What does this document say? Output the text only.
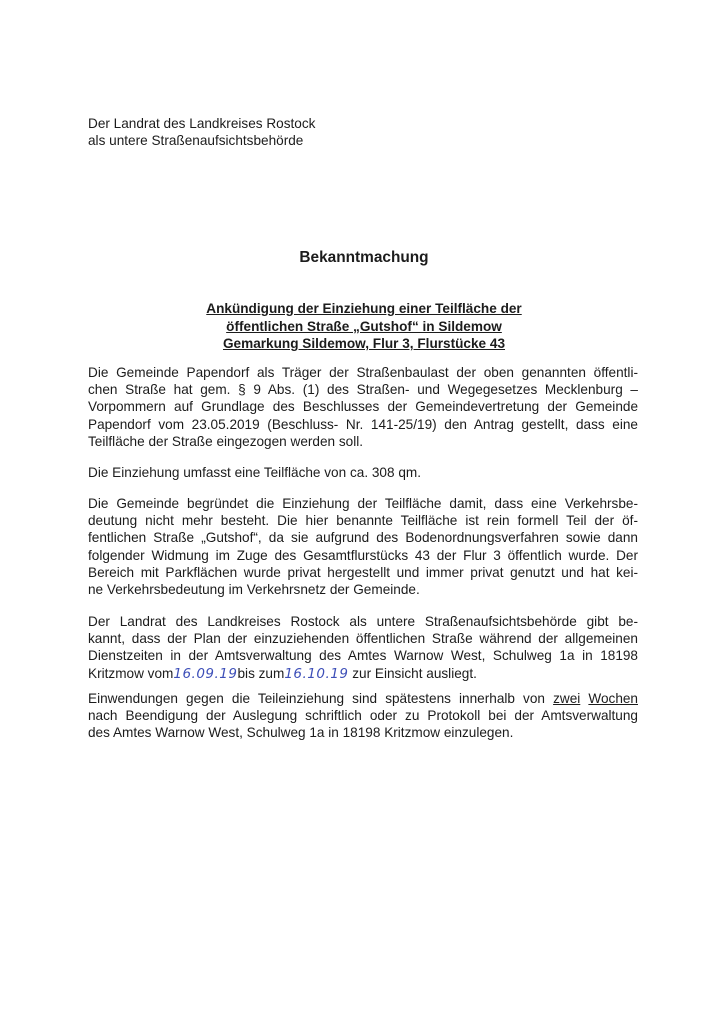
Der Landrat des Landkreises Rostock
als untere Straßenaufsichtsbehörde
Bekanntmachung
Ankündigung der Einziehung einer Teilfläche der
öffentlichen Straße „Gutshof“ in Sildemow
Gemarkung Sildemow, Flur 3, Flurstücke 43
Die Gemeinde Papendorf als Träger der Straßenbaulast der oben genannten öffentli-
chen Straße hat gem. § 9 Abs. (1) des Straßen- und Wegegesetzes Mecklenburg –
Vorpommern auf Grundlage des Beschlusses der Gemeindevertretung der Gemeinde
Papendorf vom 23.05.2019 (Beschluss- Nr. 141-25/19) den Antrag gestellt, dass eine
Teilfläche der Straße eingezogen werden soll.
Die Einziehung umfasst eine Teilfläche von ca. 308 qm.
Die Gemeinde begründet die Einziehung der Teilfläche damit, dass eine Verkehrsbe-
deutung nicht mehr besteht. Die hier benannte Teilfläche ist rein formell Teil der öf-
fentlichen Straße „Gutshof“, da sie aufgrund des Bodenordnungsverfahren sowie dann
folgender Widmung im Zuge des Gesamtflurstücks 43 der Flur 3 öffentlich wurde. Der
Bereich mit Parkflächen wurde privat hergestellt und immer privat genutzt und hat kei-
ne Verkehrsbedeutung im Verkehrsnetz der Gemeinde.
Der Landrat des Landkreises Rostock als untere Straßenaufsichtsbehörde gibt be-
kannt, dass der Plan der einzuziehenden öffentlichen Straße während der allgemeinen
Dienstzeiten in der Amtsverwaltung des Amtes Warnow West, Schulweg 1a in 18198
Kritzmow vom16.09.19bis zum16.10.19 zur Einsicht ausliegt.
Einwendungen gegen die Teileinziehung sind spätestens innerhalb von zwei Wochen
nach Beendigung der Auslegung schriftlich oder zu Protokoll bei der Amtsverwaltung
des Amtes Warnow West, Schulweg 1a in 18198 Kritzmow einzulegen.
